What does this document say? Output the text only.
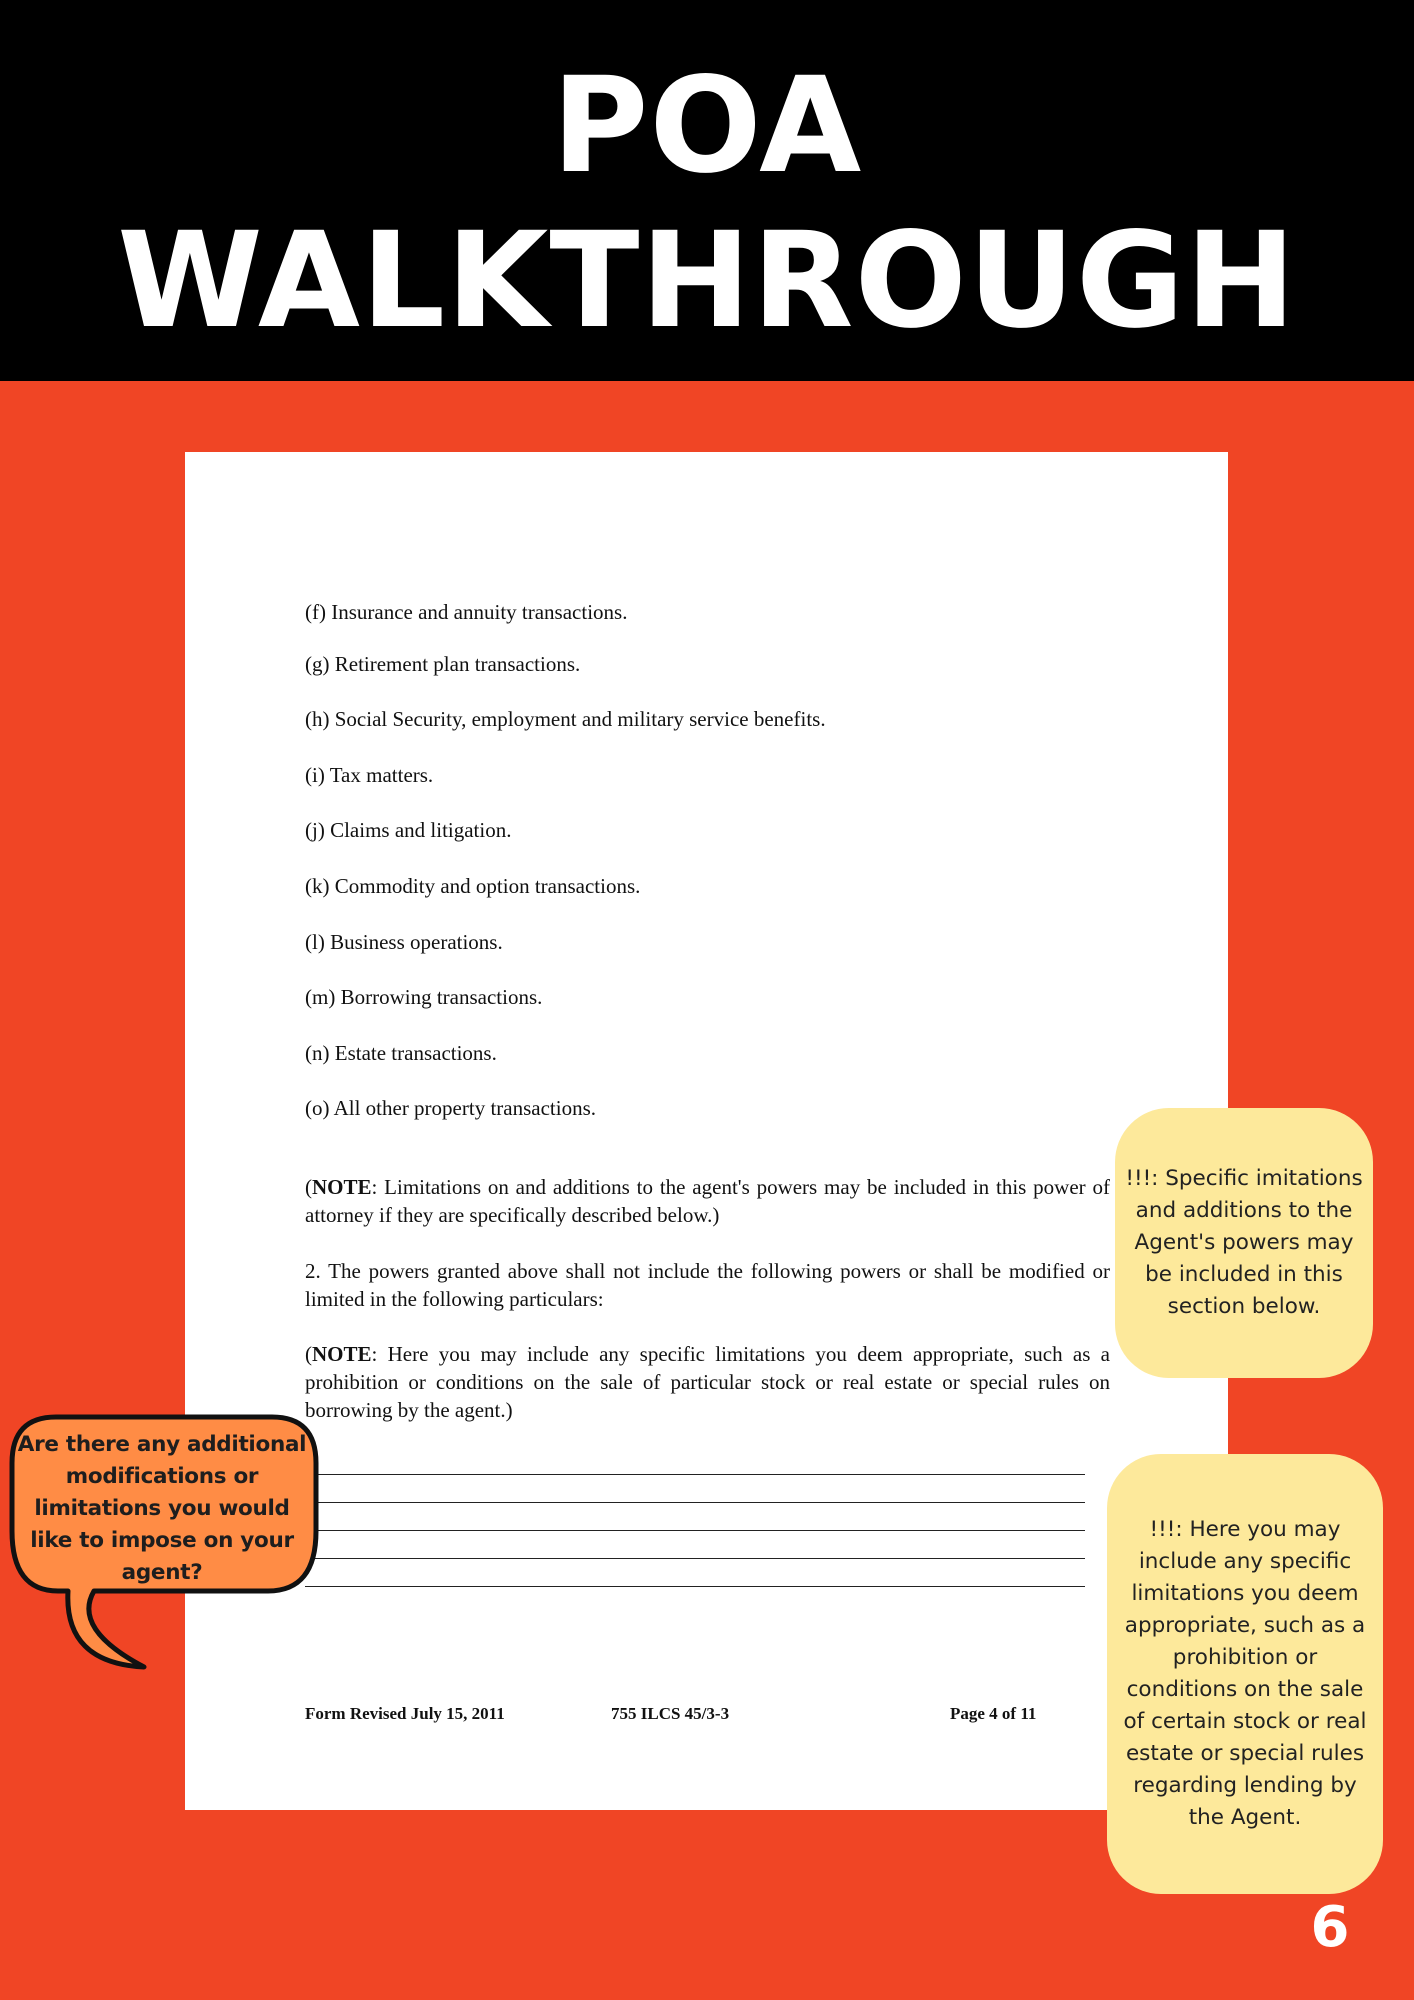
POA
WALKTHROUGH
(f) Insurance and annuity transactions.
(g) Retirement plan transactions.
(h) Social Security, employment and military service benefits.
(i) Tax matters.
(j) Claims and litigation.
(k) Commodity and option transactions.
(l) Business operations.
(m) Borrowing transactions.
(n) Estate transactions.
(o) All other property transactions.
(NOTE: Limitations on and additions to the agent's powers may be included in this power of attorney if they are specifically described below.)
2. The powers granted above shall not include the following powers or shall be modified or limited in the following particulars:
(NOTE: Here you may include any specific limitations you deem appropriate, such as a prohibition or conditions on the sale of particular stock or real estate or special rules on borrowing by the agent.)
Form Revised July 15, 2011	755 ILCS 45/3-3	Page 4 of 11
!!!: Specific imitations and additions to the Agent's powers may be included in this section below.
!!!: Here you may include any specific limitations you deem appropriate, such as a prohibition or conditions on the sale of certain stock or real estate or special rules regarding lending by the Agent.
Are there any additional modifications or limitations you would like to impose on your agent?
6
